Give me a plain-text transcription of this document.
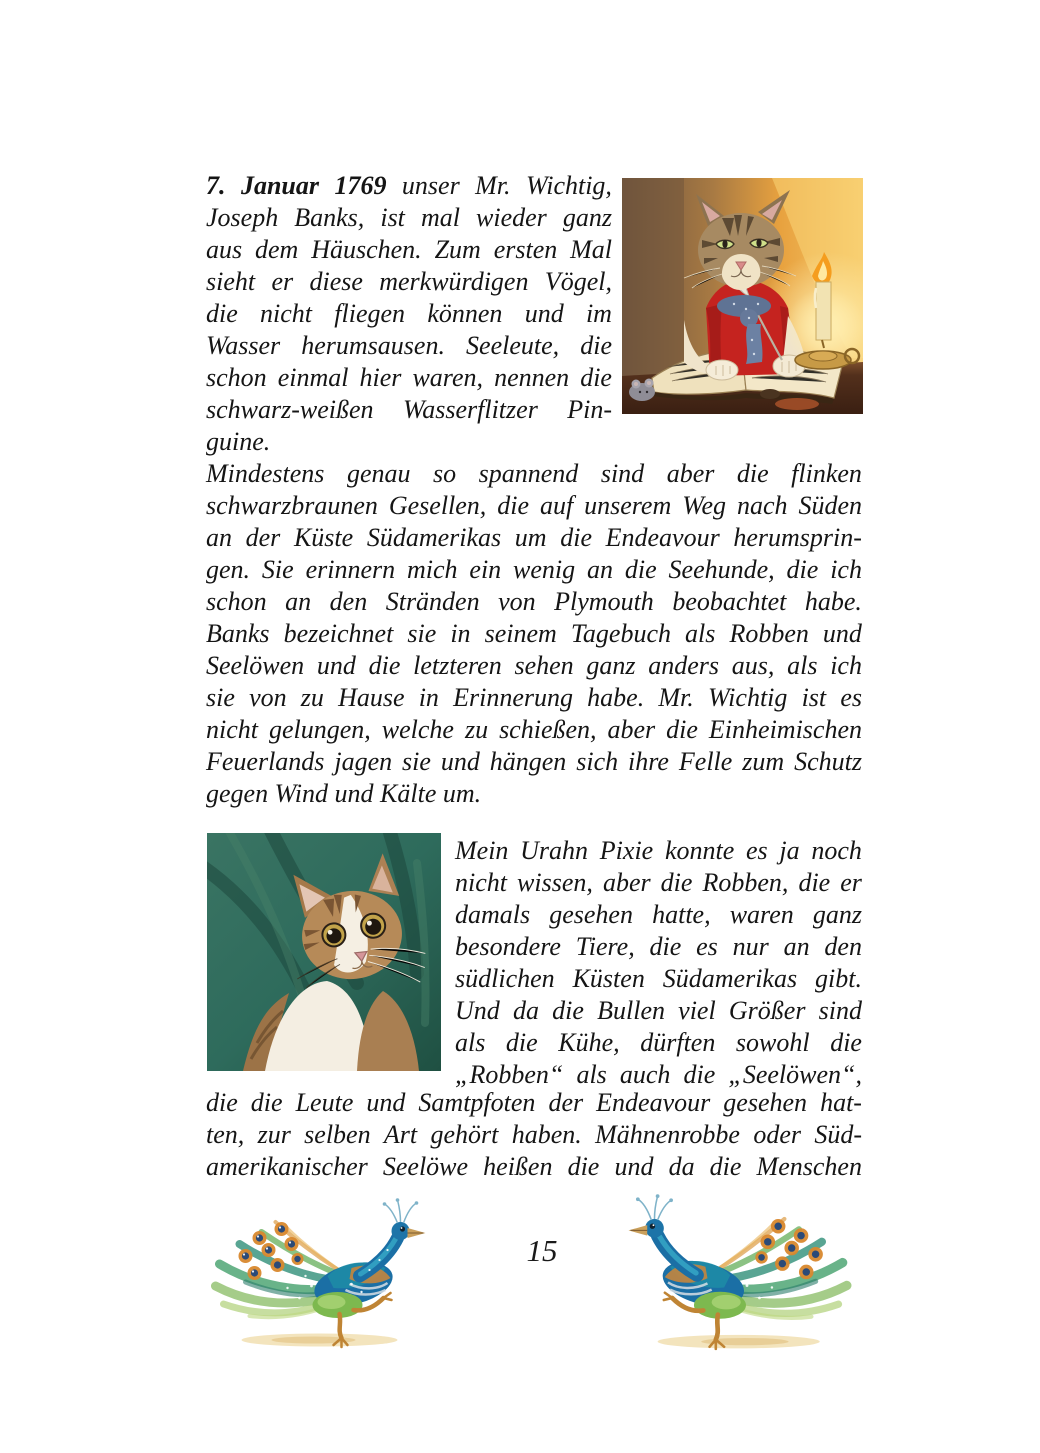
7. Januar 1769 unser Mr. Wichtig,
Joseph Banks, ist mal wieder ganz
aus dem Häuschen. Zum ersten Mal
sieht er diese merkwürdigen Vögel,
die nicht fliegen können und im
Wasser herumsausen. Seeleute, die
schon einmal hier waren, nennen die
schwarz-weißen Wasserflitzer Pin-
guine.
Mindestens genau so spannend sind aber die flinken
schwarzbraunen Gesellen, die auf unserem Weg nach Süden
an der Küste Südamerikas um die Endeavour herumsprin-
gen. Sie erinnern mich ein wenig an die Seehunde, die ich
schon an den Stränden von Plymouth beobachtet habe.
Banks bezeichnet sie in seinem Tagebuch als Robben und
Seelöwen und die letzteren sehen ganz anders aus, als ich
sie von zu Hause in Erinnerung habe. Mr. Wichtig ist es
nicht gelungen, welche zu schießen, aber die Einheimischen
Feuerlands jagen sie und hängen sich ihre Felle zum Schutz
gegen Wind und Kälte um.
Mein Urahn Pixie konnte es ja noch
nicht wissen, aber die Robben, die er
damals gesehen hatte, waren ganz
besondere Tiere, die es nur an den
südlichen Küsten Südamerikas gibt.
Und da die Bullen viel Größer sind
als die Kühe, dürften sowohl die
„Robben“ als auch die „Seelöwen“,
die die Leute und Samtpfoten der Endeavour gesehen hat-
ten, zur selben Art gehört haben. Mähnenrobbe oder Süd-
amerikanischer Seelöwe heißen die und da die Menschen
15
